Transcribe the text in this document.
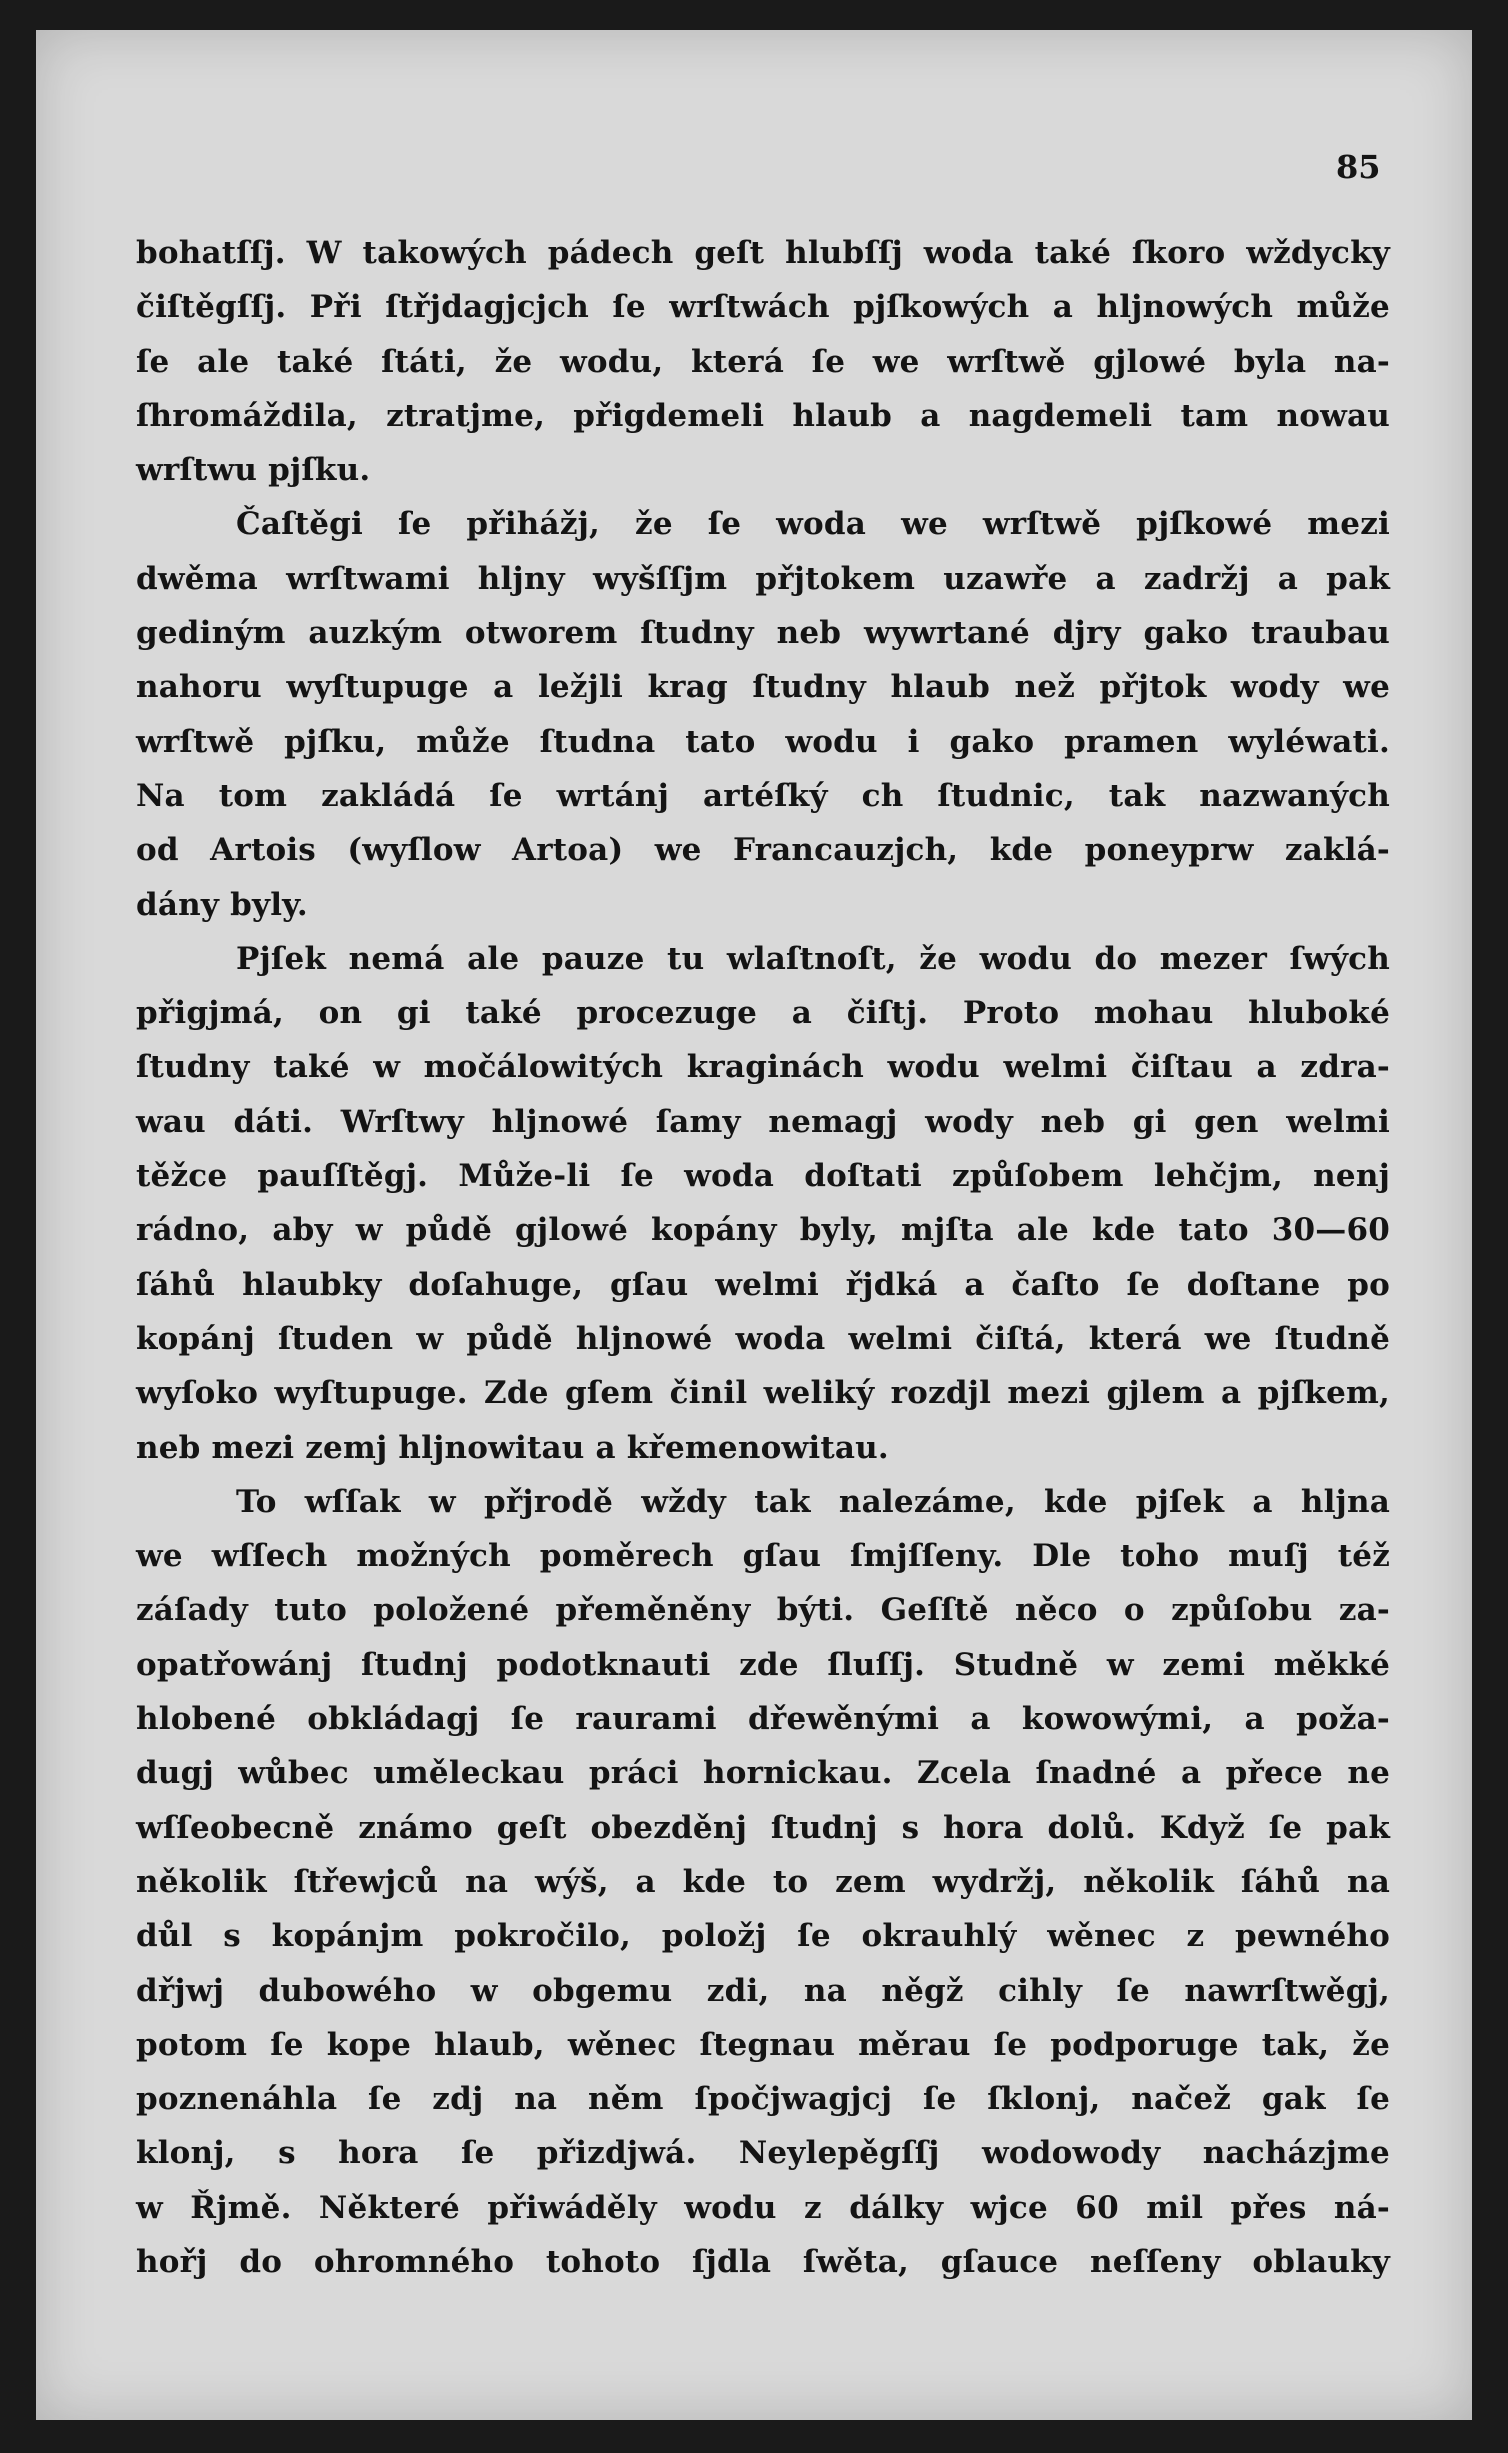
85
bohatſſj. W takowých pádech geſt hlubſſj woda také ſkoro wždycky
čiſtěgſſj. Při ſtřjdagjcjch ſe wrſtwách pjſkowých a hljnowých může
ſe ale také ſtáti, že wodu, která ſe we wrſtwě gjlowé byla na-
ſhromáždila, ztratjme, přigdemeli hlaub a nagdemeli tam nowau
wrſtwu pjſku.
Čaſtěgi ſe přihážj, že ſe woda we wrſtwě pjſkowé mezi
dwěma wrſtwami hljny wyšſſjm přjtokem uzawře a zadržj a pak
gediným auzkým otworem ſtudny neb wywrtané djry gako traubau
nahoru wyſtupuge a ležjli krag ſtudny hlaub než přjtok wody we
wrſtwě pjſku, může ſtudna tato wodu i gako pramen wyléwati.
Na tom zakládá ſe wrtánj artéſký ch ſtudnic, tak nazwaných
od Artois (wyſlow Artoa) we Francauzjch, kde poneyprw zaklá-
dány byly.
Pjſek nemá ale pauze tu wlaſtnoſt, že wodu do mezer ſwých
přigjmá, on gi také procezuge a čiſtj. Proto mohau hluboké
ſtudny také w močálowitých kraginách wodu welmi čiſtau a zdra-
wau dáti. Wrſtwy hljnowé ſamy nemagj wody neb gi gen welmi
těžce pauſſtěgj. Může-li ſe woda doſtati způſobem lehčjm, nenj
rádno, aby w půdě gjlowé kopány byly, mjſta ale kde tato 30—60
ſáhů hlaubky doſahuge, gſau welmi řjdká a čaſto ſe doſtane po
kopánj ſtuden w půdě hljnowé woda welmi čiſtá, která we ſtudně
wyſoko wyſtupuge. Zde gſem činil weliký rozdjl mezi gjlem a pjſkem,
neb mezi zemj hljnowitau a křemenowitau.
To wſſak w přjrodě wždy tak nalezáme, kde pjſek a hljna
we wſſech možných poměrech gſau ſmjſſeny. Dle toho muſj též
záſady tuto položené přeměněny býti. Geſſtě něco o způſobu za-
opatřowánj ſtudnj podotknauti zde ſluſſj. Studně w zemi měkké
hlobené obkládagj ſe raurami dřewěnými a kowowými, a poža-
dugj wůbec uměleckau práci hornickau. Zcela ſnadné a přece ne
wſſeobecně známo geſt obezděnj ſtudnj s hora dolů. Když ſe pak
několik ſtřewjců na wýš, a kde to zem wydržj, několik ſáhů na
důl s kopánjm pokročilo, položj ſe okrauhlý wěnec z pewného
dřjwj dubowého w obgemu zdi, na něgž cihly ſe nawrſtwěgj,
potom ſe kope hlaub, wěnec ſtegnau měrau ſe podporuge tak, že
poznenáhla ſe zdj na něm ſpočjwagjcj ſe ſklonj, načež gak ſe
klonj, s hora ſe přizdjwá. Neylepěgſſj wodowody nacházjme
w Řjmě. Některé přiwáděly wodu z dálky wjce 60 mil přes ná-
hořj do ohromného tohoto ſjdla ſwěta, gſauce neſſeny oblauky
